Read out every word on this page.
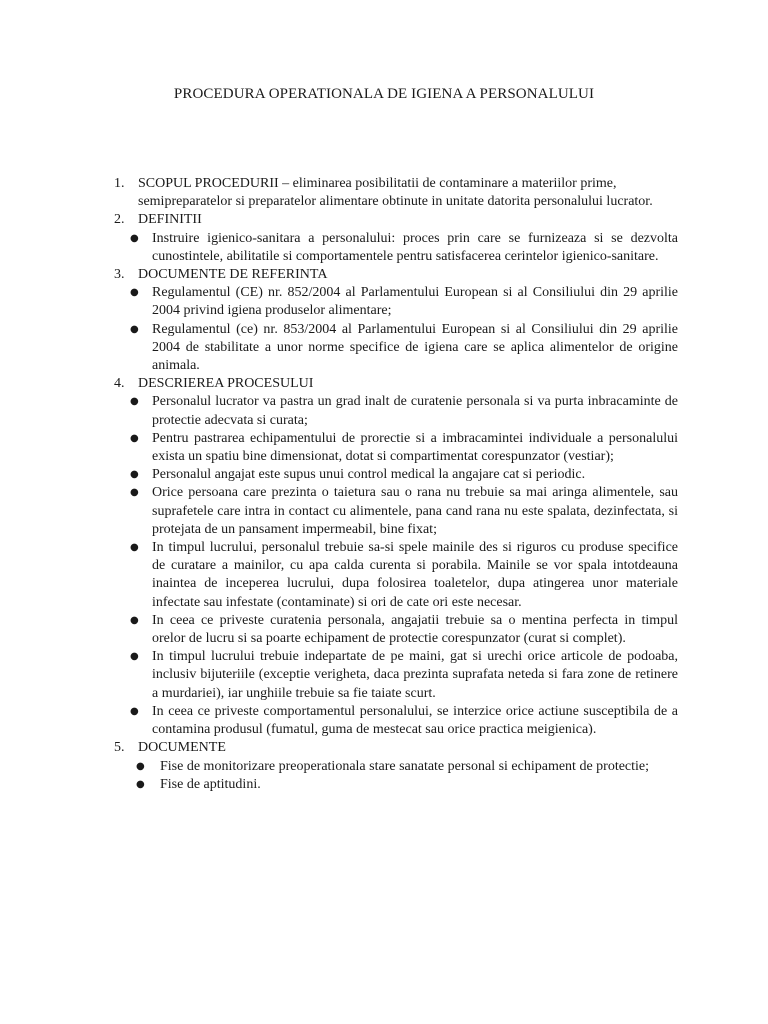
PROCEDURA OPERATIONALA DE IGIENA A PERSONALULUI
1. SCOPUL PROCEDURII – eliminarea posibilitatii de contaminare a materiilor prime,
semipreparatelor si preparatelor alimentare obtinute in unitate datorita personalului lucrator.
2. DEFINITII
● Instruire igienico-sanitara a personalului: proces prin care se furnizeaza si se dezvolta cunostintele, abilitatile si comportamentele pentru satisfacerea cerintelor igienico-sanitare.
3. DOCUMENTE DE REFERINTA
● Regulamentul (CE) nr. 852/2004 al Parlamentului European si al Consiliului din 29 aprilie 2004 privind igiena produselor alimentare;
● Regulamentul (ce) nr. 853/2004 al Parlamentului European si al Consiliului din 29 aprilie 2004 de stabilitate a unor norme specifice de igiena care se aplica alimentelor de origine animala.
4. DESCRIEREA PROCESULUI
● Personalul lucrator va pastra un grad inalt de curatenie personala si va purta inbracaminte de protectie adecvata si curata;
● Pentru pastrarea echipamentului de prorectie si a imbracamintei individuale a personalului exista un spatiu bine dimensionat, dotat si compartimentat corespunzator (vestiar);
● Personalul angajat este supus unui control medical la angajare cat si periodic.
● Orice persoana care prezinta o taietura sau o rana nu trebuie sa mai aringa alimentele, sau suprafetele care intra in contact cu alimentele, pana cand rana nu este spalata, dezinfectata, si protejata de un pansament impermeabil, bine fixat;
● In timpul lucrului, personalul trebuie sa-si spele mainile des si riguros cu produse specifice de curatare a mainilor, cu apa calda curenta si porabila. Mainile se vor spala intotdeauna inaintea de inceperea lucrului, dupa folosirea toaletelor, dupa atingerea unor materiale infectate sau infestate (contaminate) si ori de cate ori este necesar.
● In ceea ce priveste curatenia personala, angajatii trebuie sa o mentina perfecta in timpul orelor de lucru si sa poarte echipament de protectie corespunzator (curat si complet).
● In timpul lucrului trebuie indepartate de pe maini, gat si urechi orice articole de podoaba, inclusiv bijuteriile (exceptie verigheta, daca prezinta suprafata neteda si fara zone de retinere a murdariei), iar unghiile trebuie sa fie taiate scurt.
● In ceea ce priveste comportamentul personalului, se interzice orice actiune susceptibila de a contamina produsul (fumatul, guma de mestecat sau orice practica meigienica).
5. DOCUMENTE
● Fise de monitorizare preoperationala stare sanatate personal si echipament de protectie;
● Fise de aptitudini.
